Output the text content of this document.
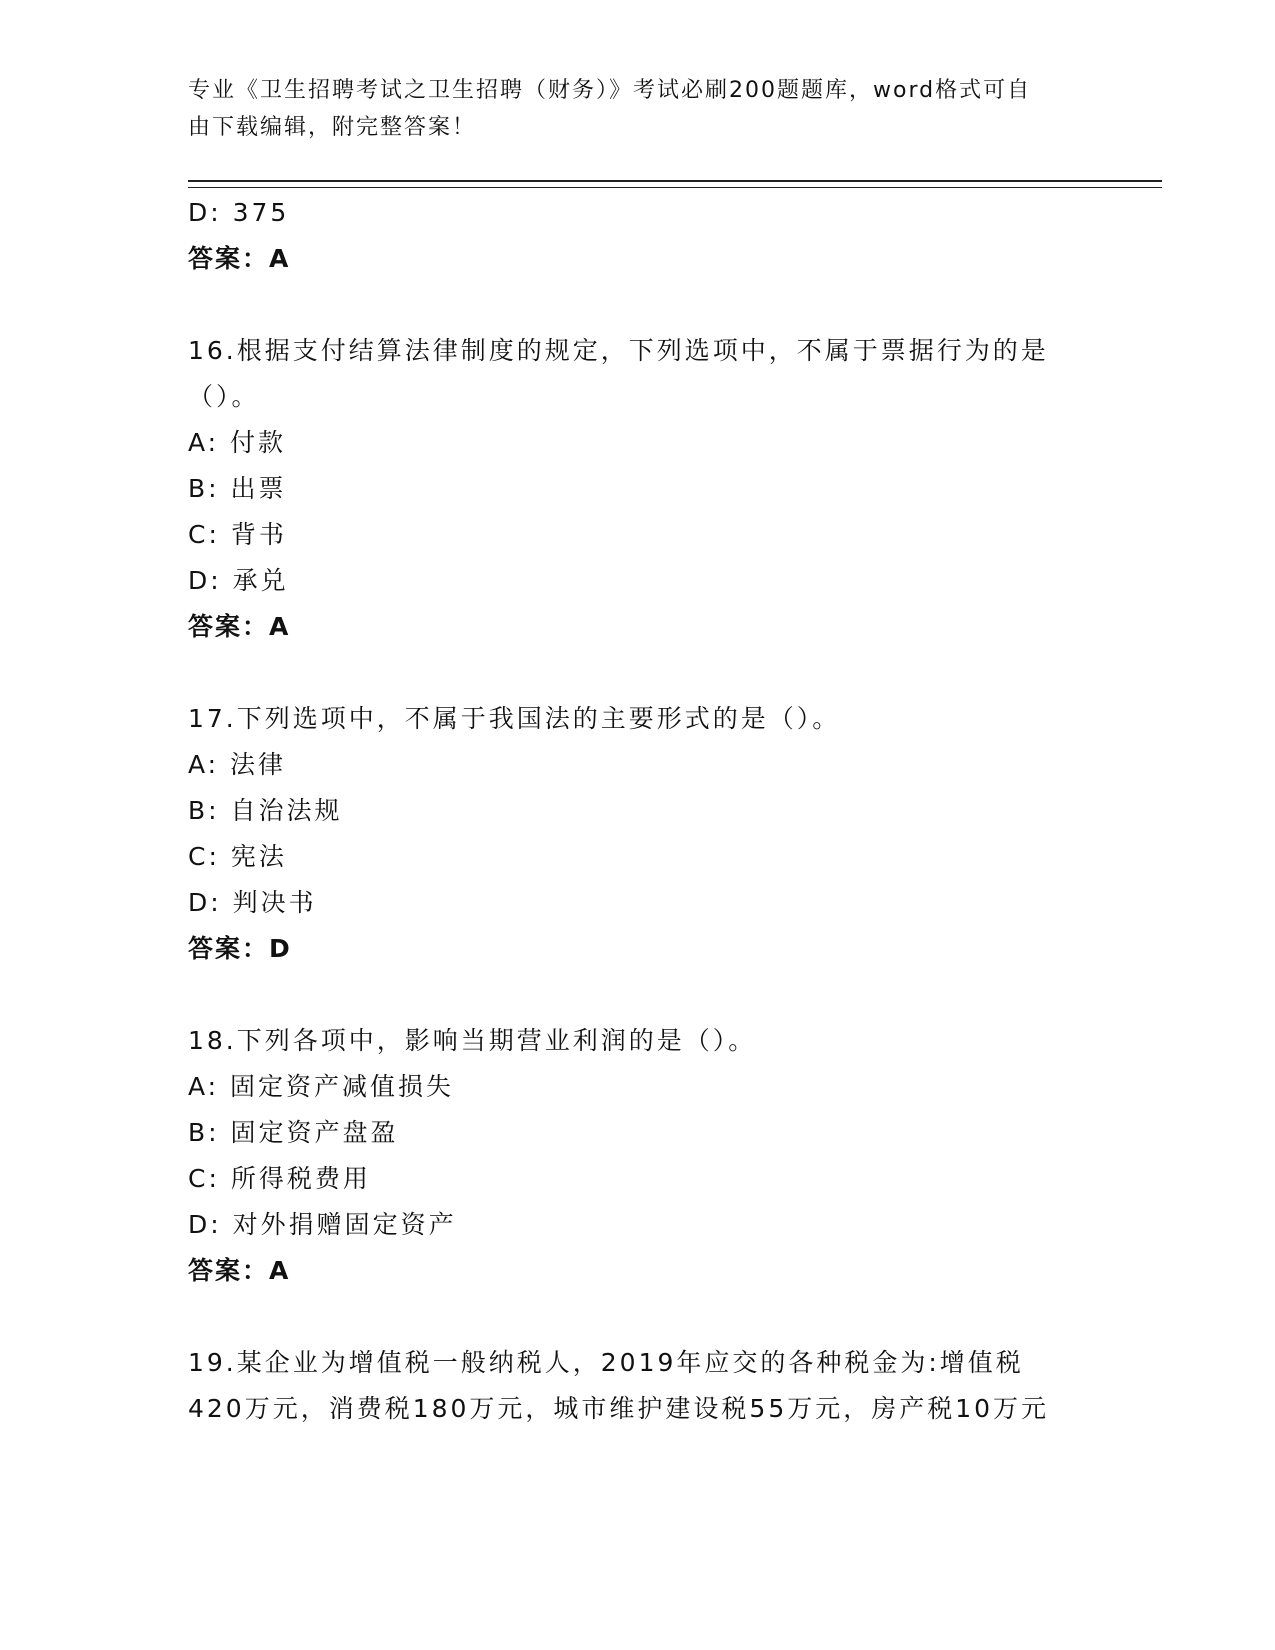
专业《卫生招聘考试之卫生招聘（财务）》考试必刷200题题库，word格式可自
由下载编辑，附完整答案！
D: 375
答案：A
16.根据支付结算法律制度的规定，下列选项中，不属于票据行为的是
（）。
A: 付款
B: 出票
C: 背书
D: 承兑
答案：A
17.下列选项中，不属于我国法的主要形式的是（）。
A: 法律
B: 自治法规
C: 宪法
D: 判决书
答案：D
18.下列各项中，影响当期营业利润的是（）。
A: 固定资产减值损失
B: 固定资产盘盈
C: 所得税费用
D: 对外捐赠固定资产
答案：A
19.某企业为增值税一般纳税人，2019年应交的各种税金为:增值税
420万元，消费税180万元，城市维护建设税55万元，房产税10万元
